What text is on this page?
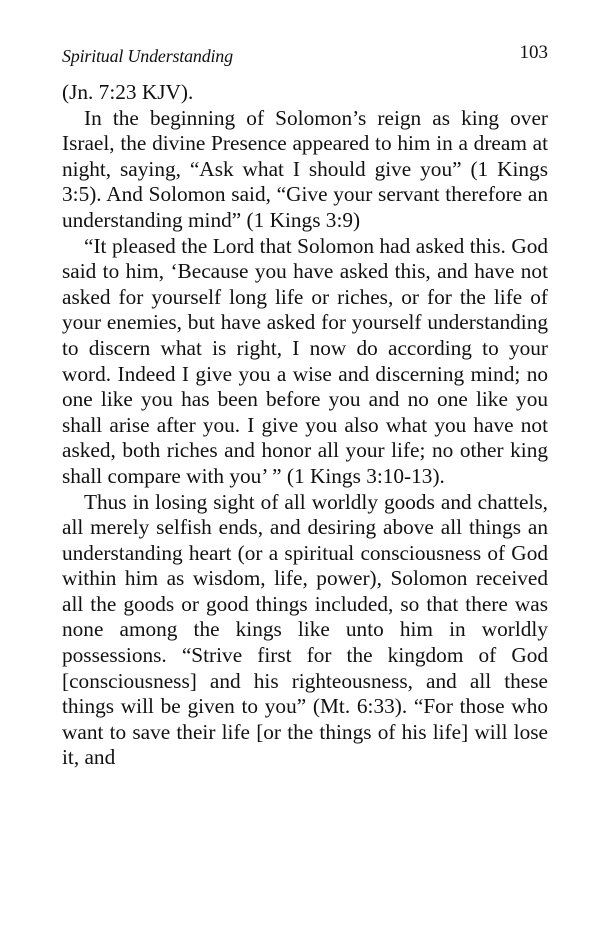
Spiritual Understanding	103

(Jn. 7:23 KJV).

In the beginning of Solomon’s reign as king over Israel, the divine Presence appeared to him in a dream at night, saying, “Ask what I should give you” (1 Kings 3:5). And Solomon said, “Give your servant therefore an understanding mind” (1 Kings 3:9)

“It pleased the Lord that Solomon had asked this. God said to him, ‘Because you have asked this, and have not asked for yourself long life or riches, or for the life of your enemies, but have asked for yourself understanding to discern what is right, I now do according to your word. Indeed I give you a wise and discerning mind; no one like you has been before you and no one like you shall arise after you. I give you also what you have not asked, both riches and honor all your life; no other king shall compare with you’ ” (1 Kings 3:10-13).

Thus in losing sight of all worldly goods and chattels, all merely selfish ends, and desiring above all things an understanding heart (or a spiritual consciousness of God within him as wisdom, life, power), Solomon received all the goods or good things included, so that there was none among the kings like unto him in worldly possessions. “Strive first for the kingdom of God [consciousness] and his righteousness, and all these things will be given to you” (Mt. 6:33). “For those who want to save their life [or the things of his life] will lose it, and
